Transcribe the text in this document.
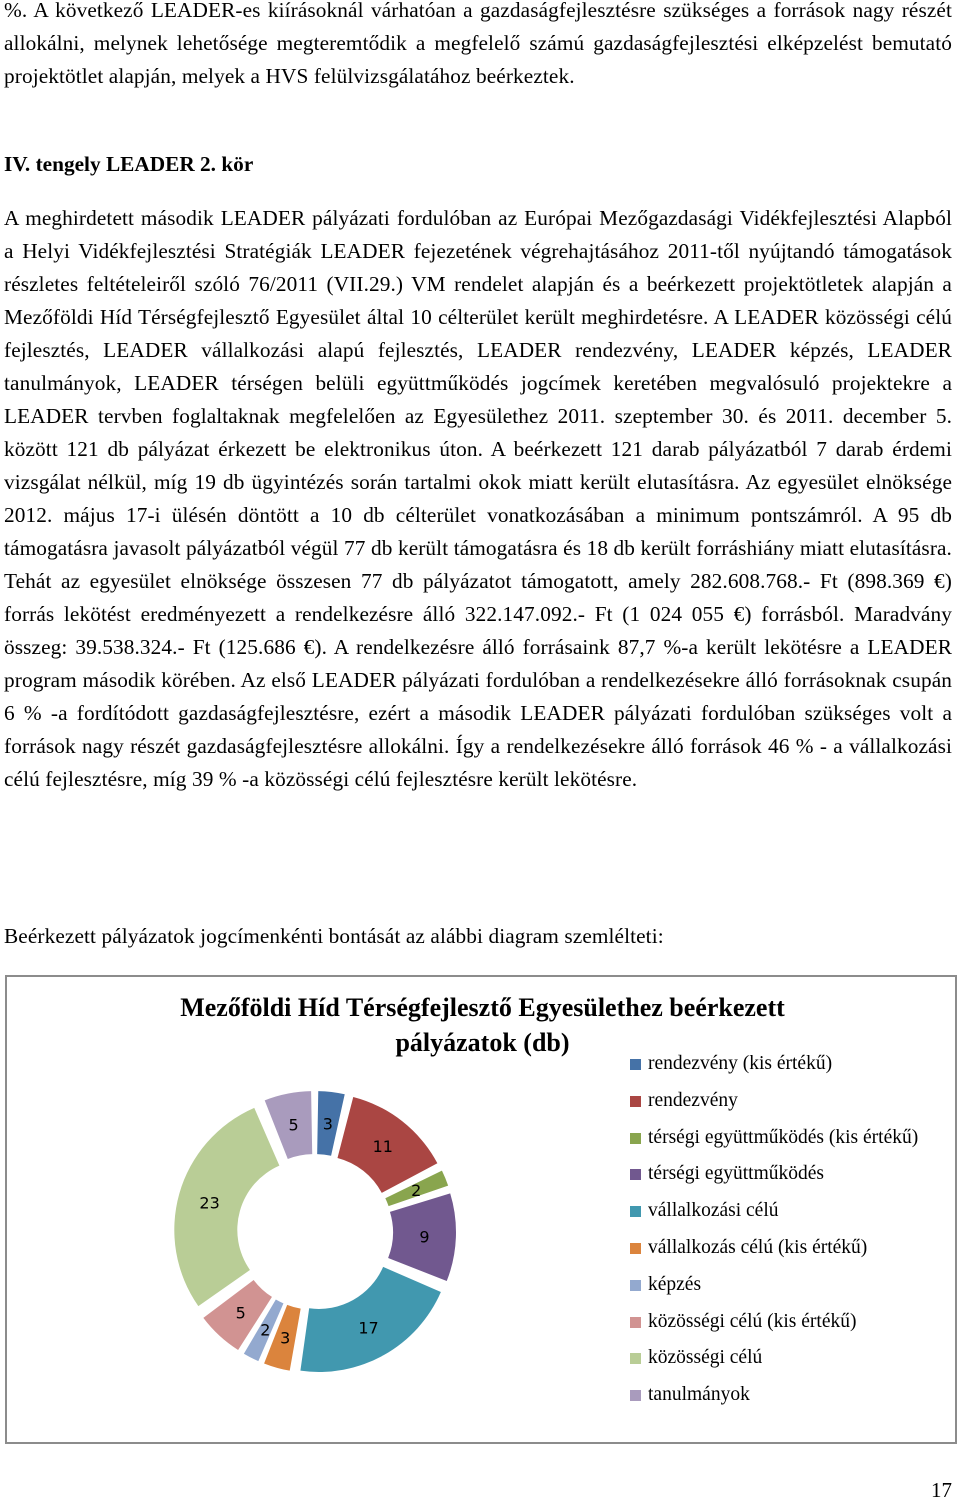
%. A következő LEADER-es kiírásoknál várhatóan a gazdaságfejlesztésre szükséges a források nagy részét allokálni, melynek lehetősége megteremtődik a megfelelő számú gazdaságfejlesztési elképzelést bemutató projektötlet alapján, melyek a HVS felülvizsgálatához beérkeztek.

IV. tengely LEADER 2. kör

A meghirdetett második LEADER pályázati fordulóban az Európai Mezőgazdasági Vidékfejlesztési Alapból a Helyi Vidékfejlesztési Stratégiák LEADER fejezetének végrehajtásához 2011-től nyújtandó támogatások részletes feltételeiről szóló 76/2011 (VII.29.) VM rendelet alapján és a beérkezett projektötletek alapján a Mezőföldi Híd Térségfejlesztő Egyesület által 10 célterület került meghirdetésre. A LEADER közösségi célú fejlesztés, LEADER vállalkozási alapú fejlesztés, LEADER rendezvény, LEADER képzés, LEADER tanulmányok, LEADER térségen belüli együttműködés jogcímek keretében megvalósuló projektekre a LEADER tervben foglaltaknak megfelelően az Egyesülethez 2011. szeptember 30. és 2011. december 5. között 121 db pályázat érkezett be elektronikus úton. A beérkezett 121 darab pályázatból 7 darab érdemi vizsgálat nélkül, míg 19 db ügyintézés során tartalmi okok miatt került elutasításra. Az egyesület elnöksége 2012. május 17-i ülésén döntött a 10 db célterület vonatkozásában a minimum pontszámról. A 95 db támogatásra javasolt pályázatból végül 77 db került támogatásra és 18 db került forráshiány miatt elutasításra. Tehát az egyesület elnöksége összesen 77 db pályázatot támogatott, amely 282.608.768.- Ft (898.369 €) forrás lekötést eredményezett a rendelkezésre álló 322.147.092.- Ft (1 024 055 €) forrásból. Maradvány összeg: 39.538.324.- Ft (125.686 €). A rendelkezésre álló forrásaink 87,7 %-a került lekötésre a LEADER program második körében. Az első LEADER pályázati fordulóban a rendelkezésekre álló forrásoknak csupán 6 % -a fordítódott gazdaságfejlesztésre, ezért a második LEADER pályázati fordulóban szükséges volt a források nagy részét gazdaságfejlesztésre allokálni. Így a rendelkezésekre álló források 46 % - a vállalkozási célú fejlesztésre, míg 39 % -a közösségi célú fejlesztésre került lekötésre.

Beérkezett pályázatok jogcímenkénti bontását az alábbi diagram szemlélteti:

Mezőföldi Híd Térségfejlesztő Egyesülethez beérkezett pályázatok (db)

3
11
2
9
17
3
2
5
23
5
rendezvény (kis értékű)
rendezvény
térségi együttműködés (kis értékű)
térségi együttműködés
vállalkozási célú
vállalkozás célú (kis értékű)
képzés
közösségi célú (kis értékű)
közösségi célú
tanulmányok
17
